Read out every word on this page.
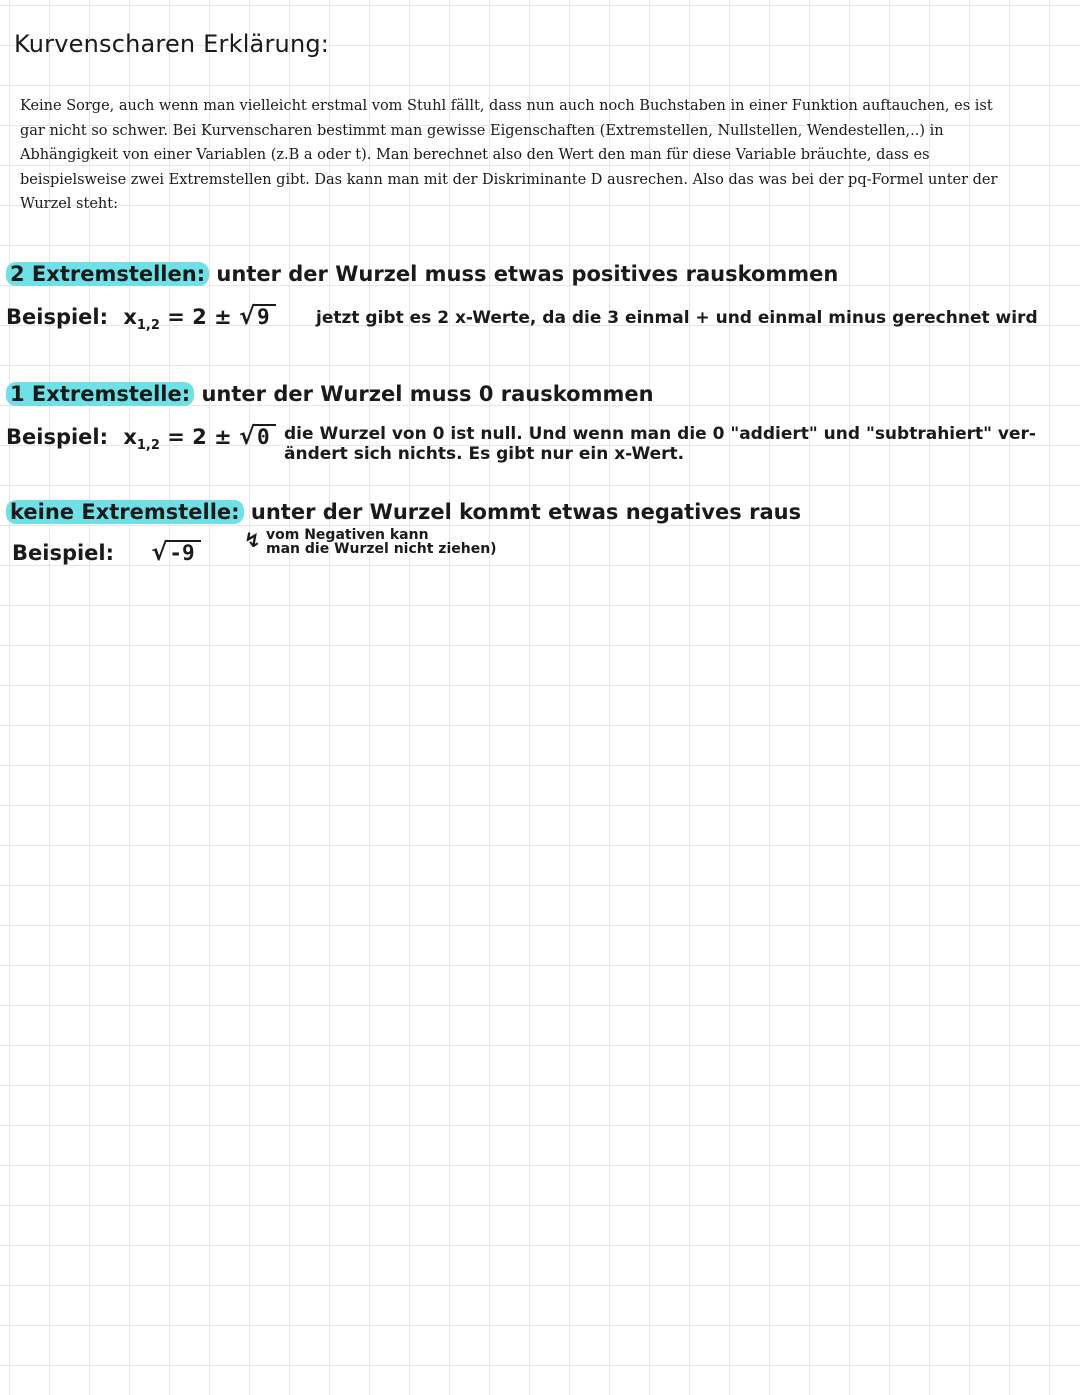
Kurvenscharen Erklärung:

Keine Sorge, auch wenn man vielleicht erstmal vom Stuhl fällt, dass nun auch noch Buchstaben in einer Funktion auftauchen, es ist gar nicht so schwer. Bei Kurvenscharen bestimmt man gewisse Eigenschaften (Extremstellen, Nullstellen, Wendestellen,..) in Abhängigkeit von einer Variablen (z.B a oder t). Man berechnet also den Wert den man für diese Variable bräuchte, dass es beispielsweise zwei Extremstellen gibt. Das kann man mit der Diskriminante D ausrechen. Also das was bei der pq-Formel unter der Wurzel steht:

2 Extremstellen: unter der Wurzel muss etwas positives rauskommen
Beispiel: $x_{1,2} = 2 \pm √9$	jetzt gibt es 2 x-Werte, da die 3 einmal + und einmal minus gerechnet wird
1 Extremstelle: unter der Wurzel muss 0 rauskommen
Beispiel: $x_{1,2} = 2 \pm √0$ die Wurzel von 0 ist null. Und wenn man die 0 "addiert" und "subtrahiert" ver-
ändert sich nichts. Es gibt nur ein x-Wert.
keine Extremstelle: unter der Wurzel kommt etwas negatives raus
Beispiel: √-9
↯ vom Negativen kann
man die Wurzel nicht ziehen)
